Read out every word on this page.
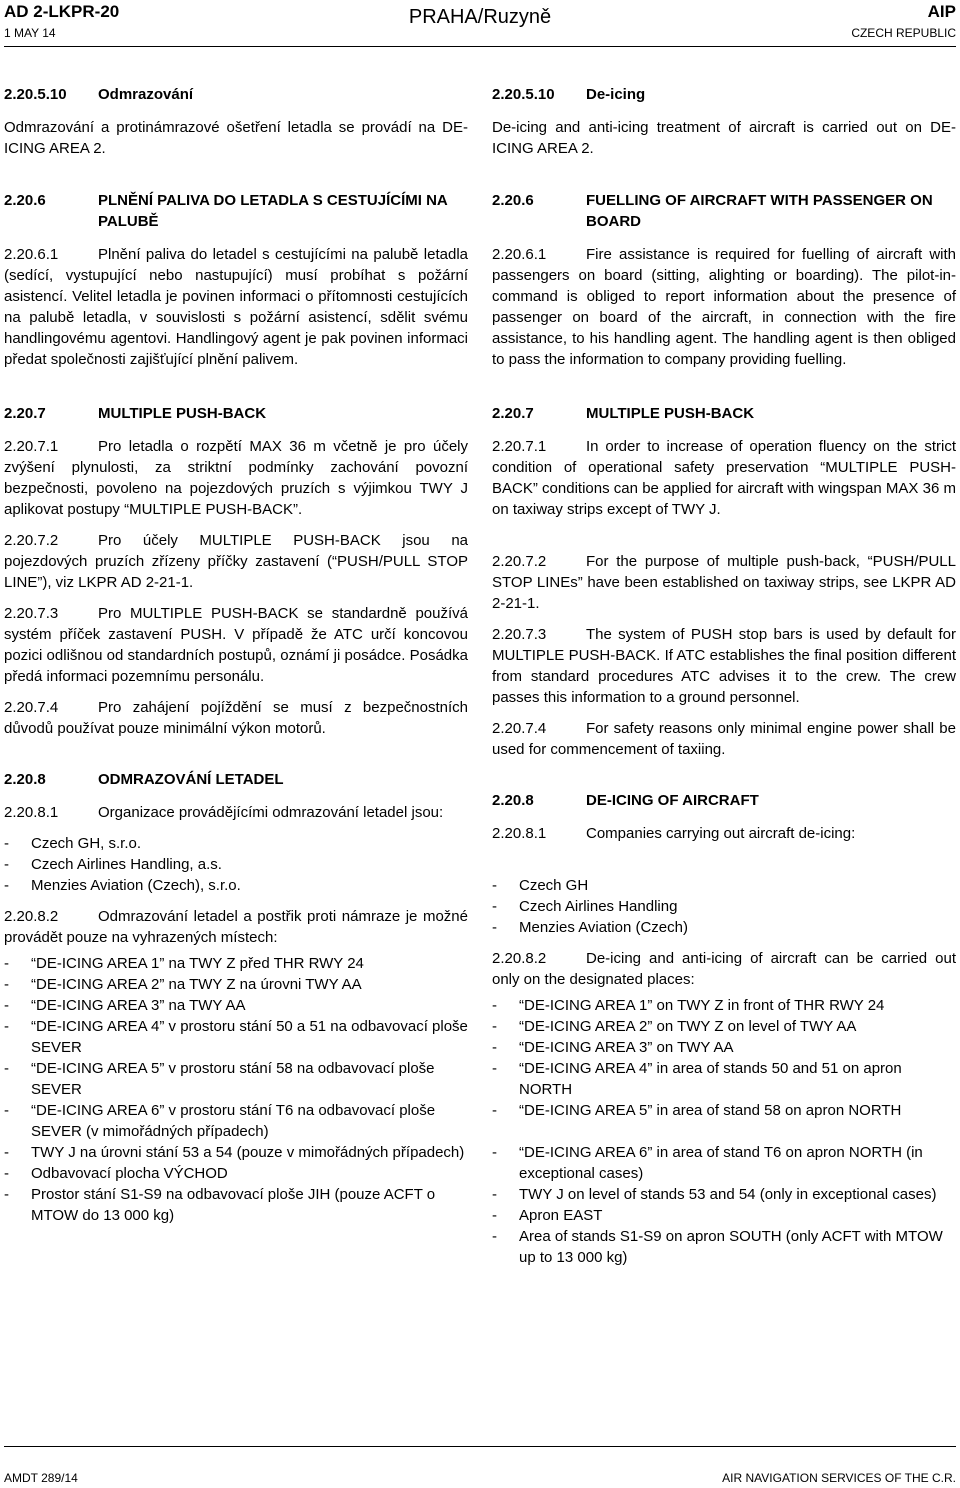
AD 2-LKPR-20
1 MAY 14
PRAHA/Ruzyně	AIP
CZECH REPUBLIC
2.20.5.10	Odmrazování

Odmrazování a protinámrazové ošetření letadla se provádí na DE-ICING AREA 2.

2.20.6	PLNĚNÍ PALIVA DO LETADLA S CESTUJÍCÍMI NA PALUBĚ

2.20.6.1	Plnění paliva do letadel s cestujícími na palubě letadla (sedící, vystupující nebo nastupující) musí probíhat s požární asistencí. Velitel letadla je povinen informaci o přítomnosti cestujících na palubě letadla, v souvislosti s požární asistencí, sdělit svému handlingovému agentovi. Handlingový agent je pak povinen informaci předat společnosti zajišťující plnění palivem.

2.20.7	MULTIPLE PUSH-BACK

2.20.7.1	Pro letadla o rozpětí MAX 36 m včetně je pro účely zvýšení plynulosti, za striktní podmínky zachování povozní bezpečnosti, povoleno na pojezdových pruzích s výjimkou TWY J aplikovat postupy “MULTIPLE PUSH-BACK”.

2.20.7.2	Pro účely MULTIPLE PUSH-BACK jsou na pojezdových pruzích zřízeny příčky zastavení (“PUSH/PULL STOP LINE”), viz LKPR AD 2-21-1.

2.20.7.3	Pro MULTIPLE PUSH-BACK se standardně používá systém příček zastavení PUSH. V případě že ATC určí koncovou pozici odlišnou od standardních postupů, oznámí ji posádce. Posádka předá informaci pozemnímu personálu.

2.20.7.4	Pro zahájení pojíždění se musí z bezpečnostních důvodů používat pouze minimální výkon motorů.

2.20.8	ODMRAZOVÁNÍ LETADEL

2.20.8.1	Organizace provádějícími odmrazování letadel jsou:

- Czech GH, s.r.o.
- Czech Airlines Handling, a.s.
- Menzies Aviation (Czech), s.r.o.

2.20.8.2	Odmrazování letadel a postřik proti námraze je možné provádět pouze na vyhrazených místech:

- “DE-ICING AREA 1” na TWY Z před THR RWY 24
- “DE-ICING AREA 2” na TWY Z na úrovni TWY AA
- “DE-ICING AREA 3” na TWY AA
- “DE-ICING AREA 4” v prostoru stání 50 a 51 na odbavovací ploše SEVER
- “DE-ICING AREA 5” v prostoru stání 58 na odbavovací ploše SEVER
- “DE-ICING AREA 6” v prostoru stání T6 na odbavovací ploše SEVER (v mimořádných případech)
- TWY J na úrovni stání 53 a 54 (pouze v mimořádných případech)
- Odbavovací plocha VÝCHOD
- Prostor stání S1-S9 na odbavovací ploše JIH (pouze ACFT o MTOW do 13 000 kg)
2.20.5.10	De-icing

De-icing and anti-icing treatment of aircraft is carried out on DE-ICING AREA 2.

2.20.6	FUELLING OF AIRCRAFT WITH PASSENGER ON BOARD

2.20.6.1	Fire assistance is required for fuelling of aircraft with passengers on board (sitting, alighting or boarding). The pilot-in-command is obliged to report information about the presence of passenger on board of the aircraft, in connection with the fire assistance, to his handling agent. The handling agent is then obliged to pass the information to company providing fuelling.

2.20.7	MULTIPLE PUSH-BACK

2.20.7.1	In order to increase of operation fluency on the strict condition of operational safety preservation “MULTIPLE PUSH-BACK” conditions can be applied for aircraft with wingspan MAX 36 m on taxiway strips except of TWY J.

2.20.7.2	For the purpose of multiple push-back, “PUSH/PULL STOP LINEs” have been established on taxiway strips, see LKPR AD 2-21-1.

2.20.7.3	The system of PUSH stop bars is used by default for MULTIPLE PUSH-BACK. If ATC establishes the final position different from standard procedures ATC advises it to the crew. The crew passes this information to a ground personnel.

2.20.7.4	For safety reasons only minimal engine power shall be used for commencement of taxiing.

2.20.8	DE-ICING OF AIRCRAFT

2.20.8.1	Companies carrying out aircraft de-icing:

- Czech GH
- Czech Airlines Handling
- Menzies Aviation (Czech)

2.20.8.2	De-icing and anti-icing of aircraft can be carried out only on the designated places:

- “DE-ICING AREA 1” on TWY Z in front of THR RWY 24
- “DE-ICING AREA 2” on TWY Z on level of TWY AA
- “DE-ICING AREA 3” on TWY AA
- “DE-ICING AREA 4” in area of stands 50 and 51 on apron NORTH
- “DE-ICING AREA 5” in area of stand 58 on apron NORTH
- “DE-ICING AREA 6” in area of stand T6 on apron NORTH (in exceptional cases)
- TWY J on level of stands 53 and 54 (only in exceptional cases)
- Apron EAST
- Area of stands S1-S9 on apron SOUTH (only ACFT with MTOW up to 13 000 kg)
AMDT 289/14	AIR NAVIGATION SERVICES OF THE C.R.
